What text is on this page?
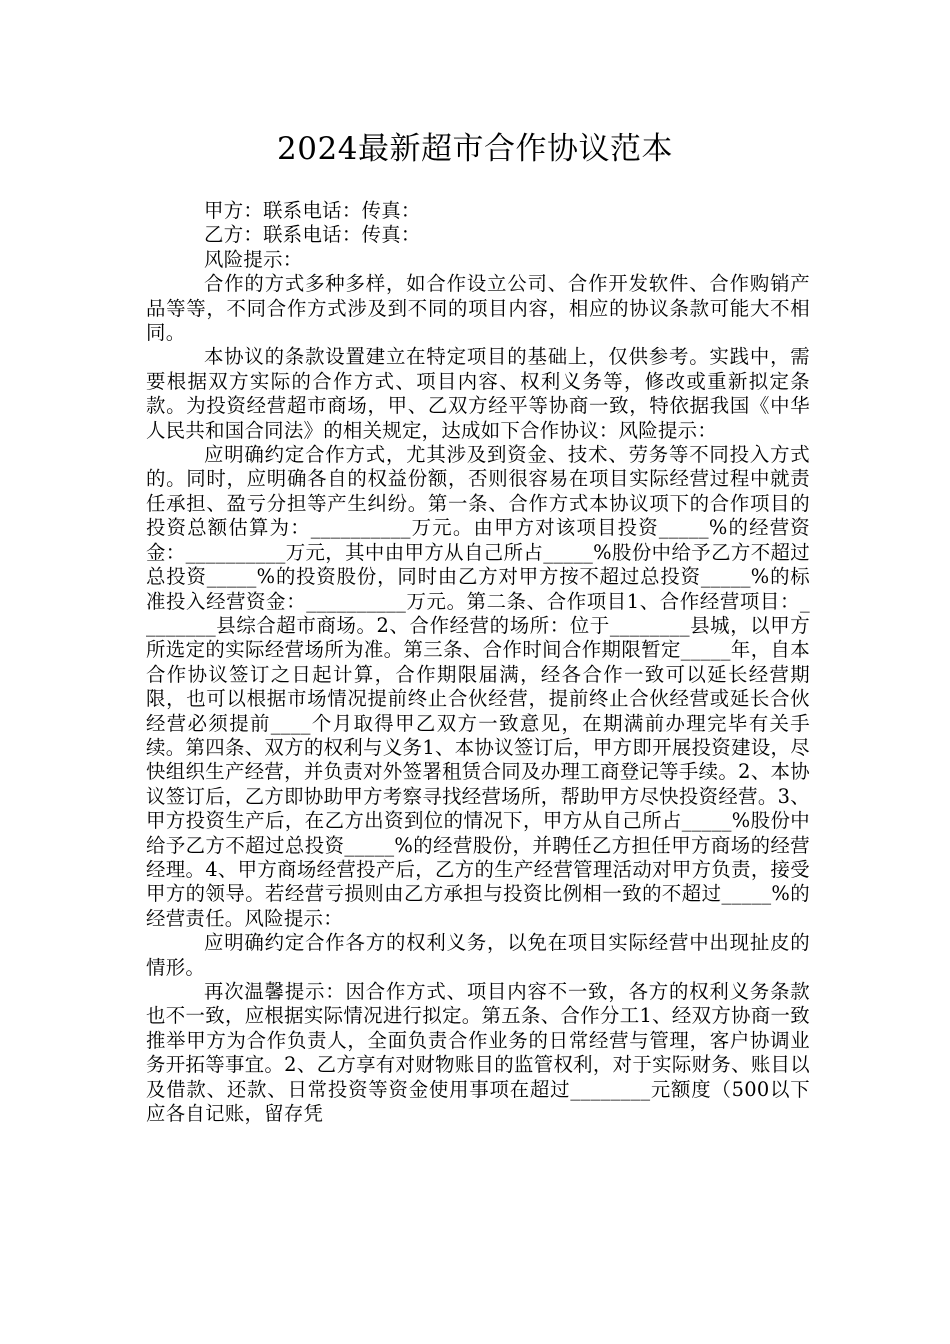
2024最新超市合作协议范本

甲方：联系电话：传真：

乙方：联系电话：传真：

风险提示：

合作的方式多种多样，如合作设立公司、合作开发软件、合作购销产品等等，不同合作方式涉及到不同的项目内容，相应的协议条款可能大不相同。

本协议的条款设置建立在特定项目的基础上，仅供参考。实践中，需要根据双方实际的合作方式、项目内容、权利义务等，修改或重新拟定条款。为投资经营超市商场，甲、乙双方经平等协商一致，特依据我国《中华人民共和国合同法》的相关规定，达成如下合作协议：风险提示：

应明确约定合作方式，尤其涉及到资金、技术、劳务等不同投入方式的。同时，应明确各自的权益份额，否则很容易在项目实际经营过程中就责任承担、盈亏分担等产生纠纷。第一条、合作方式本协议项下的合作项目的投资总额估算为：__________万元。由甲方对该项目投资_____%的经营资金：__________万元，其中由甲方从自己所占_____%股份中给予乙方不超过总投资_____%的投资股份，同时由乙方对甲方按不超过总投资_____%的标准投入经营资金：__________万元。第二条、合作项目1、合作经营项目：________县综合超市商场。2、合作经营的场所：位于________县城，以甲方所选定的实际经营场所为准。第三条、合作时间合作期限暂定_____年，自本合作协议签订之日起计算，合作期限届满，经各合作一致可以延长经营期限，也可以根据市场情况提前终止合伙经营，提前终止合伙经营或延长合伙经营必须提前____个月取得甲乙双方一致意见，在期满前办理完毕有关手续。第四条、双方的权利与义务1、本协议签订后，甲方即开展投资建设，尽快组织生产经营，并负责对外签署租赁合同及办理工商登记等手续。2、本协议签订后，乙方即协助甲方考察寻找经营场所，帮助甲方尽快投资经营。3、甲方投资生产后，在乙方出资到位的情况下，甲方从自己所占_____%股份中给予乙方不超过总投资_____%的经营股份，并聘任乙方担任甲方商场的经营经理。4、甲方商场经营投产后，乙方的生产经营管理活动对甲方负责，接受甲方的领导。若经营亏损则由乙方承担与投资比例相一致的不超过_____%的经营责任。风险提示：

应明确约定合作各方的权利义务，以免在项目实际经营中出现扯皮的情形。

再次温馨提示：因合作方式、项目内容不一致，各方的权利义务条款也不一致，应根据实际情况进行拟定。第五条、合作分工1、经双方协商一致推举甲方为合作负责人，全面负责合作业务的日常经营与管理，客户协调业务开拓等事宜。2、乙方享有对财物账目的监管权利，对于实际财务、账目以及借款、还款、日常投资等资金使用事项在超过________元额度（500以下应各自记账，留存凭
